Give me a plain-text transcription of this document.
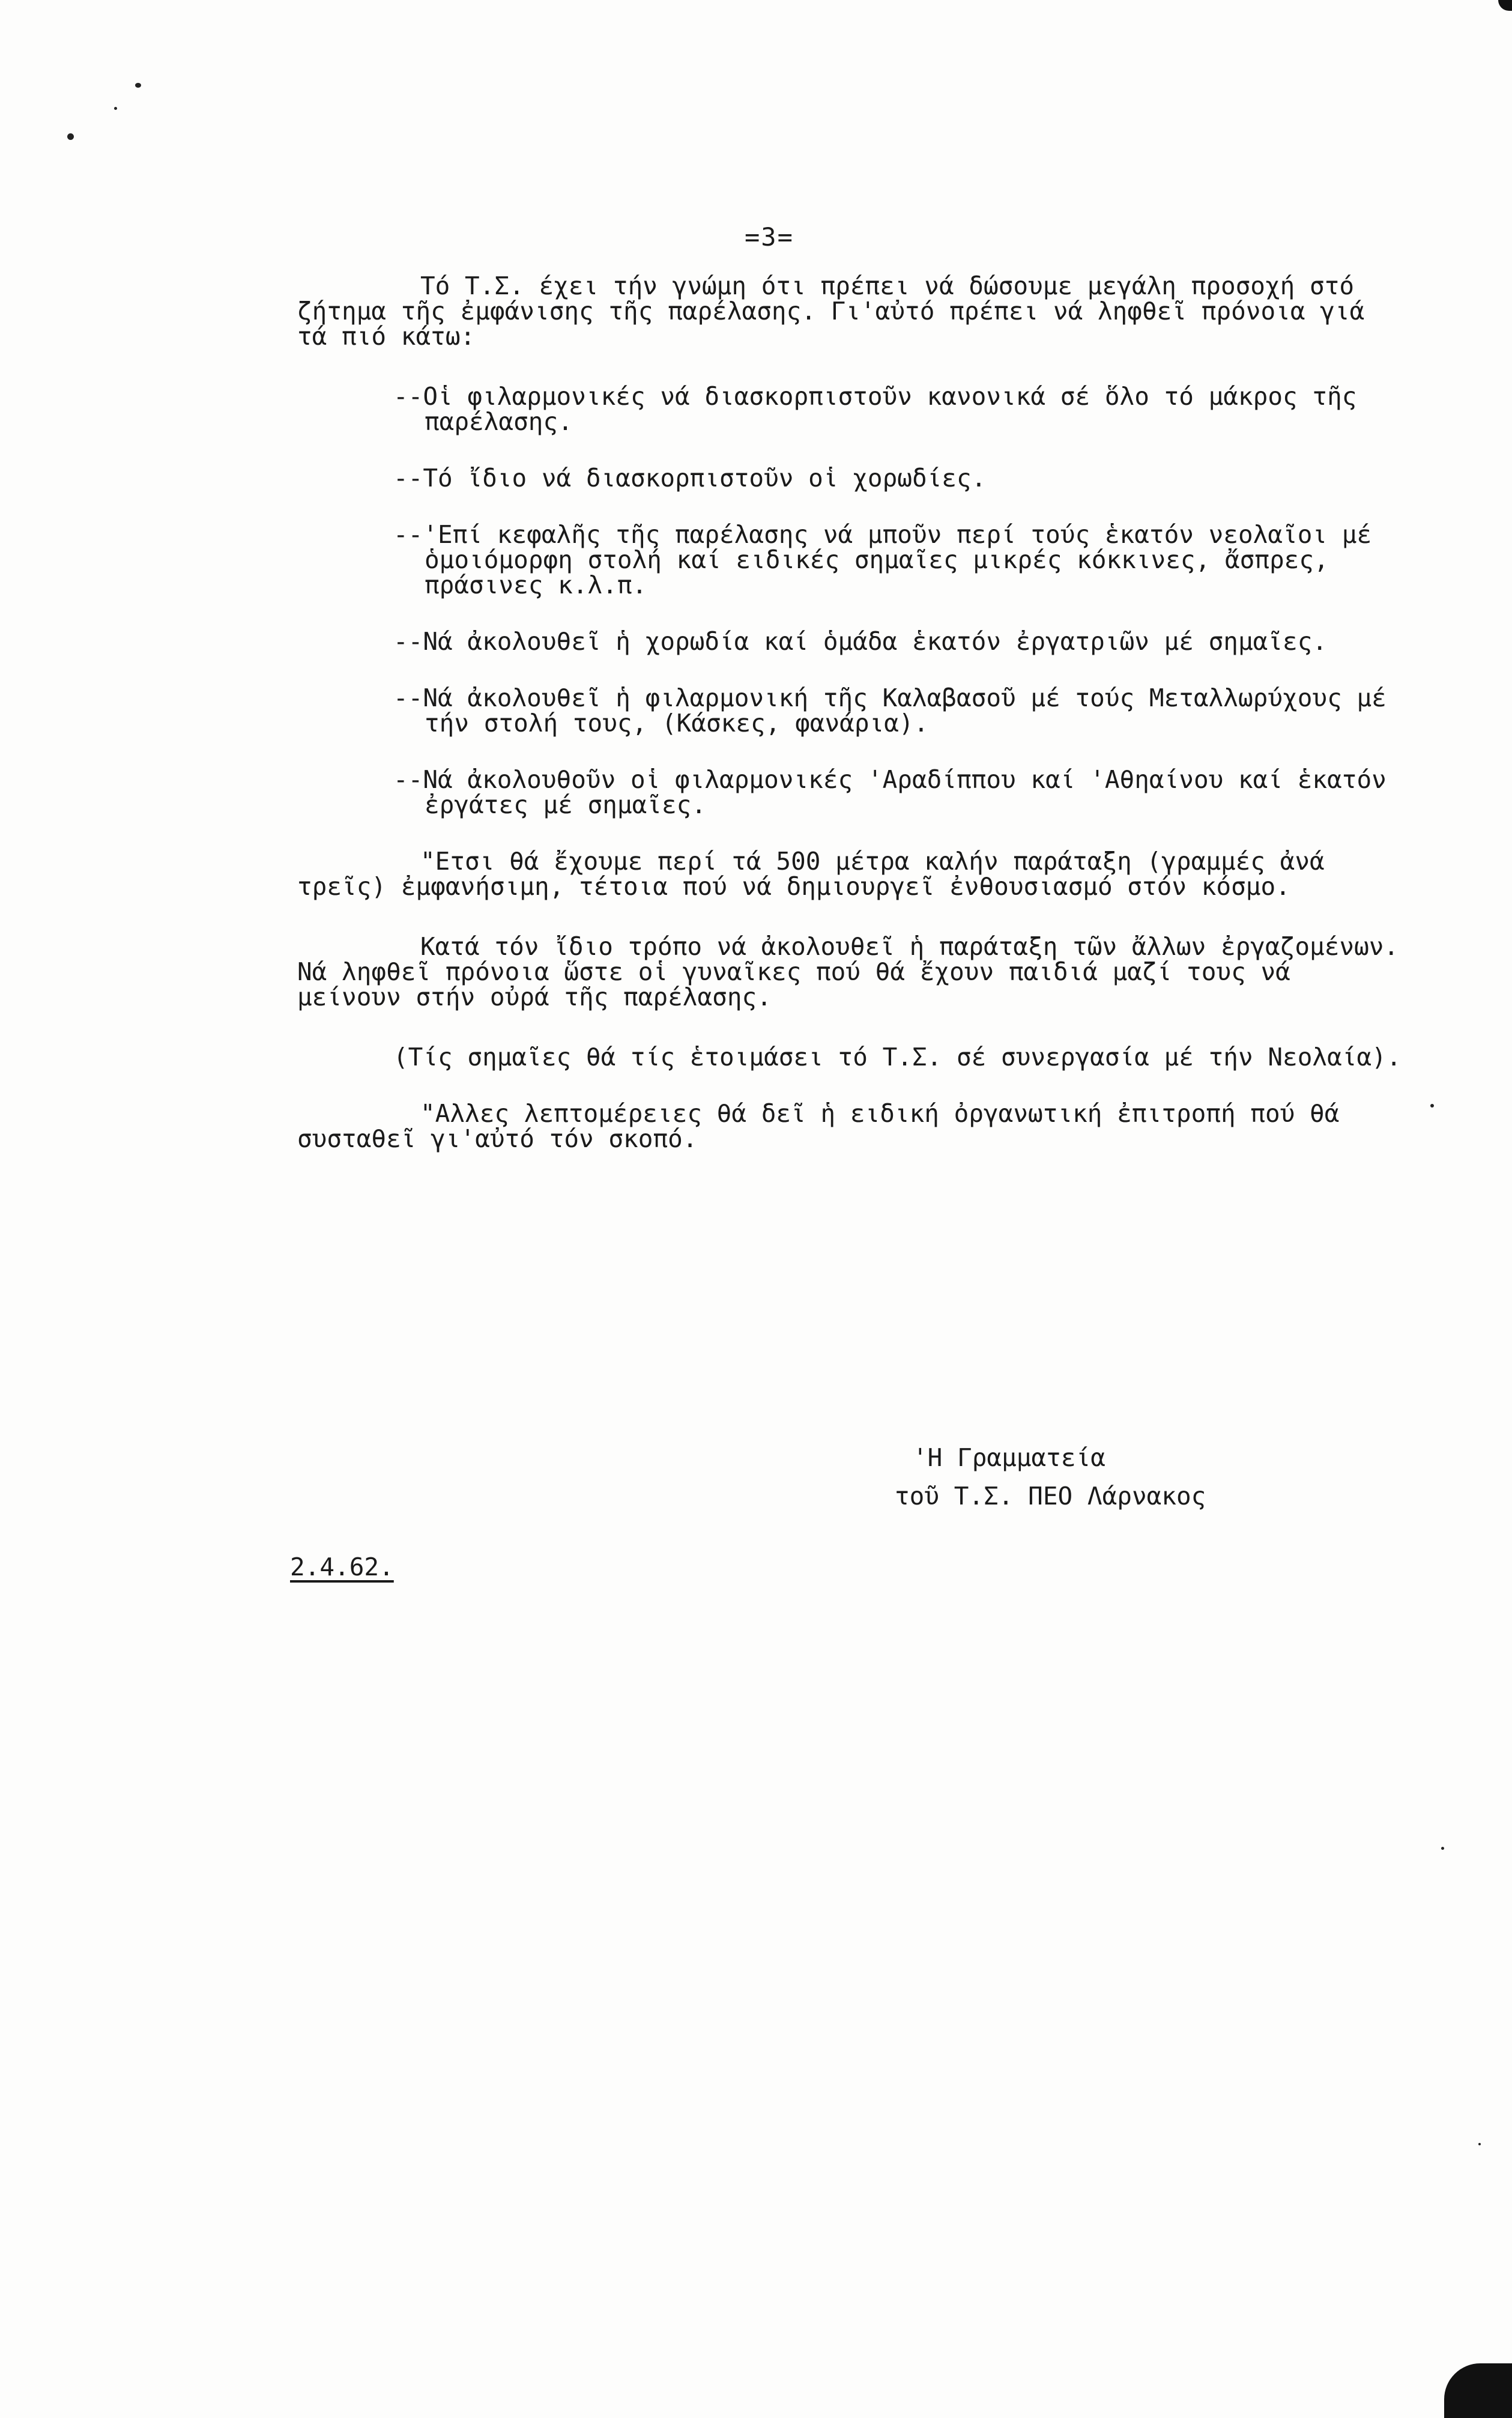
=3=

Τό Τ.Σ. έχει τήν γνώμη ότι πρέπει νά δώσουμε μεγάλη προσοχή στό ζήτημα τῆς ἐμφάνισης τῆς παρέλασης. Γι'αὐτό πρέπει νά ληφθεῖ πρόνοια γιά τά πιό κάτω:

--Οἱ φιλαρμονικές νά διασκορπιστοῦν κανονικά σέ ὅλο τό μάκρος τῆς παρέλασης.

--Τό ἴδιο νά διασκορπιστοῦν οἱ χορωδίες.

--'Επί κεφαλῆς τῆς παρέλασης νά μποῦν περί τούς ἑκατόν νεολαῖοι μέ ὁμοιόμορφη στολή καί ειδικές σημαῖες μικρές κόκκινες, ἄσπρες, πράσινες κ.λ.π.

--Νά ἀκολουθεῖ ἡ χορωδία καί ὁμάδα ἑκατόν ἐργατριῶν μέ σημαῖες.

--Νά ἀκολουθεῖ ἡ φιλαρμονική τῆς Καλαβασοῦ μέ τούς Μεταλλωρύχους μέ τήν στολή τους, (Κάσκες, φανάρια).

--Νά ἀκολουθοῦν οἱ φιλαρμονικές 'Αραδίππου καί 'Αθηαίνου καί ἑκατόν ἐργάτες μέ σημαῖες.

"Ετσι θά ἔχουμε περί τά 500 μέτρα καλήν παράταξη (γραμμές ἀνά τρεῖς) ἐμφανήσιμη, τέτοια πού νά δημιουργεῖ ἐνθουσιασμό στόν κόσμο.

Κατά τόν ἴδιο τρόπο νά ἀκολουθεῖ ἡ παράταξη τῶν ἄλλων ἐργαζομένων. Νά ληφθεῖ πρόνοια ὥστε οἱ γυναῖκες πού θά ἔχουν παιδιά μαζί τους νά μείνουν στήν οὐρά τῆς παρέλασης.

(Τίς σημαῖες θά τίς ἑτοιμάσει τό Τ.Σ. σέ συνεργασία μέ τήν Νεολαία).

"Αλλες λεπτομέρειες θά δεῖ ἡ ειδική ὀργανωτική ἐπιτροπή πού θά συσταθεῖ γι'αὐτό τόν σκοπό.

'Η Γραμματεία
τοῦ Τ.Σ. ΠΕΟ Λάρνακος
2.4.62.
